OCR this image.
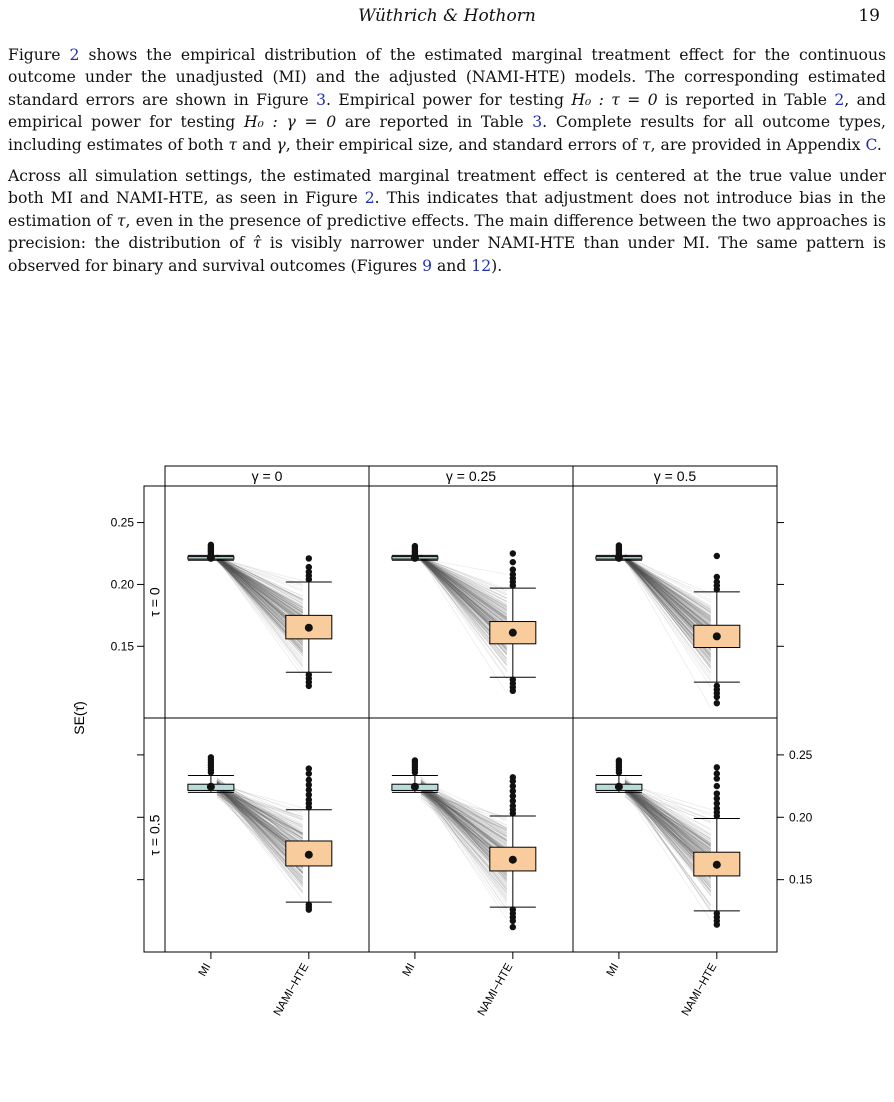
Wüthrich & Hothorn	19

Figure 2 shows the empirical distribution of the estimated marginal treatment effect for the continuous outcome under the unadjusted (MI) and the adjusted (NAMI-HTE) models. The corresponding estimated standard errors are shown in Figure 3. Empirical power for testing H₀ : τ = 0 is reported in Table 2, and empirical power for testing H₀ : γ = 0 are reported in Table 3. Complete results for all outcome types, including estimates of both τ and γ, their empirical size, and standard errors of τ, are provided in Appendix C.

Across all simulation settings, the estimated marginal treatment effect is centered at the true value under both MI and NAMI-HTE, as seen in Figure 2. This indicates that adjustment does not introduce bias in the estimation of τ, even in the presence of predictive effects. The main difference between the two approaches is precision: the distribution of τ̂ is visibly narrower under NAMI-HTE than under MI. The same pattern is observed for binary and survival outcomes (Figures 9 and 12).

γ = 0	γ = 0.25	γ = 0.5
τ = 0
τ = 0.5
0.15
0.15
0.20
0.20
0.25
0.25
SE(τ̂)
MI	NAMI−HTE	MI	NAMI−HTE	MI	NAMI−HTE
